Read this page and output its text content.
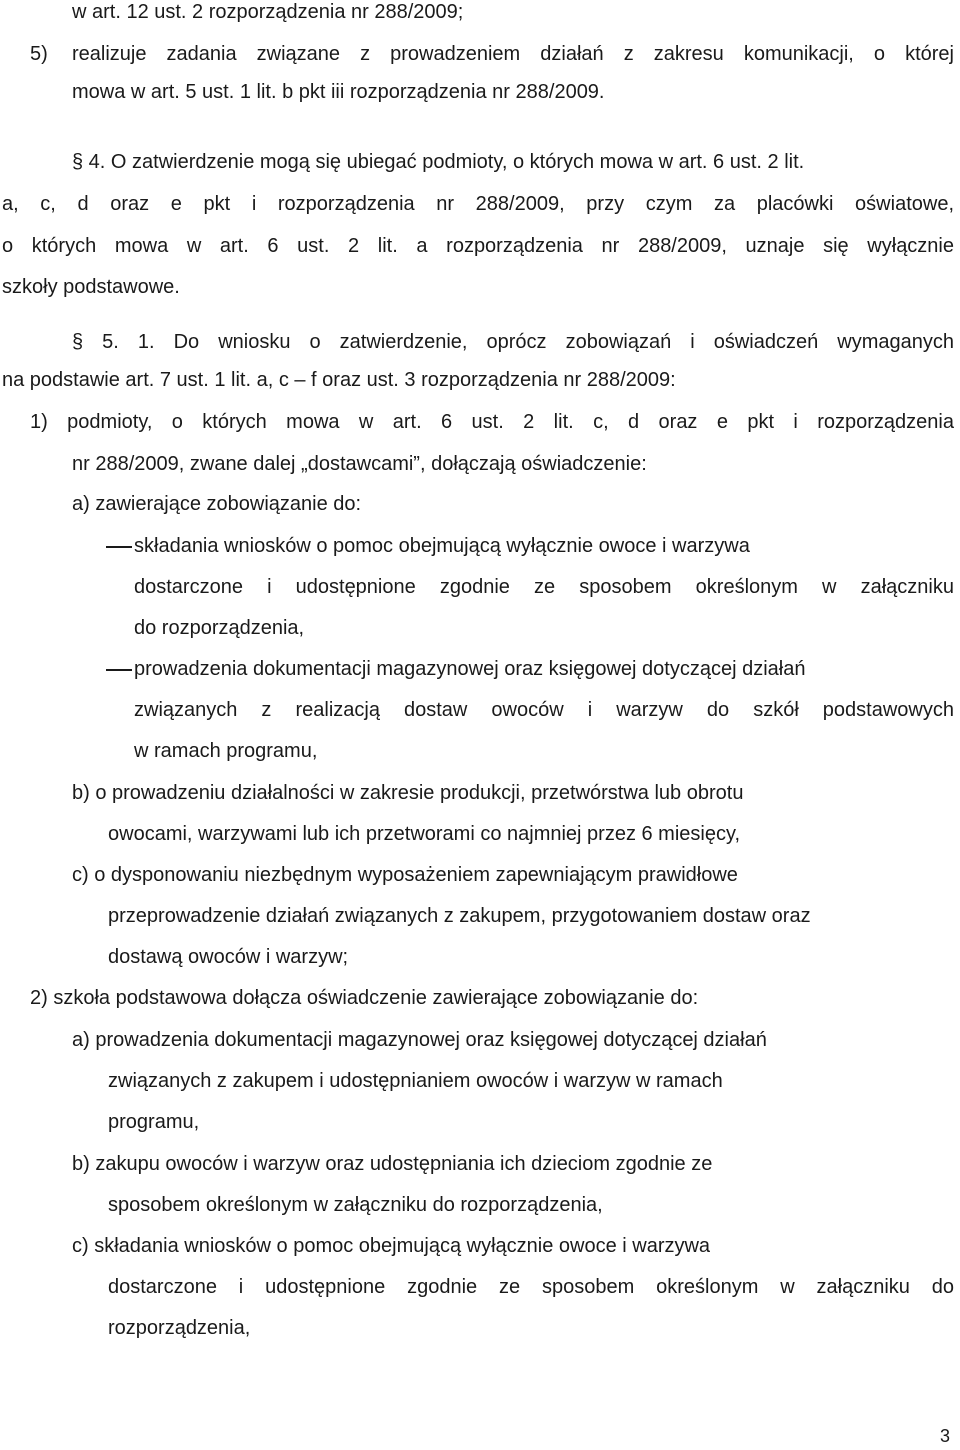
w art. 12 ust. 2 rozporządzenia nr 288/2009;
5) realizuje zadania związane z prowadzeniem działań z zakresu komunikacji, o której
mowa w art. 5 ust. 1 lit. b pkt iii rozporządzenia nr 288/2009.
§ 4. O zatwierdzenie mogą się ubiegać podmioty, o których mowa w art. 6 ust. 2 lit.
a, c, d oraz e pkt i rozporządzenia nr 288/2009, przy czym za placówki oświatowe,
o których mowa w art. 6 ust. 2 lit. a rozporządzenia nr 288/2009, uznaje się wyłącznie
szkoły podstawowe.
§ 5. 1. Do wniosku o zatwierdzenie, oprócz zobowiązań i oświadczeń wymaganych
na podstawie art. 7 ust. 1 lit. a, c – f oraz ust. 3 rozporządzenia nr 288/2009:
1) podmioty, o których mowa w art. 6 ust. 2 lit. c, d oraz e pkt i rozporządzenia
nr 288/2009, zwane dalej „dostawcami”, dołączają oświadczenie:
a) zawierające zobowiązanie do:
składania wniosków o pomoc obejmującą wyłącznie owoce i warzywa
dostarczone i udostępnione zgodnie ze sposobem określonym w załączniku
do rozporządzenia,
prowadzenia dokumentacji magazynowej oraz księgowej dotyczącej działań
związanych z realizacją dostaw owoców i warzyw do szkół podstawowych
w ramach programu,
b) o prowadzeniu działalności w zakresie produkcji, przetwórstwa lub obrotu
owocami, warzywami lub ich przetworami co najmniej przez 6 miesięcy,
c) o dysponowaniu niezbędnym wyposażeniem zapewniającym prawidłowe
przeprowadzenie działań związanych z zakupem, przygotowaniem dostaw oraz
dostawą owoców i warzyw;
2) szkoła podstawowa dołącza oświadczenie zawierające zobowiązanie do:
a) prowadzenia dokumentacji magazynowej oraz księgowej dotyczącej działań
związanych z zakupem i udostępnianiem owoców i warzyw w ramach
programu,
b) zakupu owoców i warzyw oraz udostępniania ich dzieciom zgodnie ze
sposobem określonym w załączniku do rozporządzenia,
c) składania wniosków o pomoc obejmującą wyłącznie owoce i warzywa
dostarczone i udostępnione zgodnie ze sposobem określonym w załączniku do
rozporządzenia,
3
